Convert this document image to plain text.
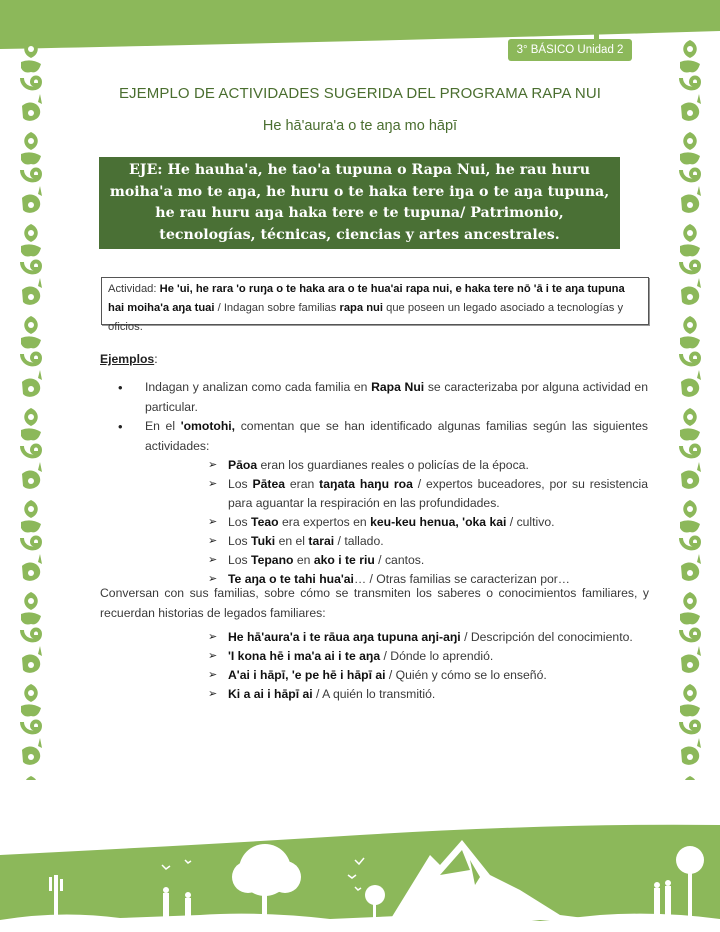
3° BÁSICO Unidad 2
EJEMPLO DE ACTIVIDADES SUGERIDA DEL PROGRAMA RAPA NUI
He hā'aura'a o te aŋa mo hāpī
EJE: He hauha'a, he tao'a tupuna o Rapa Nui, he rau huru moiha'a mo te aŋa, he huru o te haka tere iŋa o te aŋa tupuna, he rau huru aŋa haka tere e te tupuna/ Patrimonio, tecnologías, técnicas, ciencias y artes ancestrales.
Actividad: He 'ui, he rara 'o ruŋa o te haka ara o te hua'ai rapa nui, e haka tere nō 'ā i te aŋa tupuna hai moiha'a aŋa tuai / Indagan sobre familias rapa nui que poseen un legado asociado a tecnologías y oficios.
Ejemplos:
• Indagan y analizan como cada familia en Rapa Nui se caracterizaba por alguna actividad en particular.
• En el 'omotohi, comentan que se han identificado algunas familias según las siguientes actividades:
➢ Pāoa eran los guardianes reales o policías de la época.
➢ Los Pātea eran taŋata haŋu roa / expertos buceadores, por su resistencia para aguantar la respiración en las profundidades.
➢ Los Teao era expertos en keu-keu henua, 'oka kai / cultivo.
➢ Los Tuki en el tarai / tallado.
➢ Los Tepano en ako i te riu / cantos.
➢ Te aŋa o te tahi hua'ai… / Otras familias se caracterizan por…

Conversan con sus familias, sobre cómo se transmiten los saberes o conocimientos familiares, y recuerdan historias de legados familiares:

➢ He hā'aura'a i te rāua aŋa tupuna aŋi-aŋi / Descripción del conocimiento.
➢ 'I kona hē i ma'a ai i te aŋa / Dónde lo aprendió.
➢ A'ai i hāpī, 'e pe hē i hāpī ai / Quién y cómo se lo enseñó.
➢ Ki a ai i hāpī ai / A quién lo transmitió.
